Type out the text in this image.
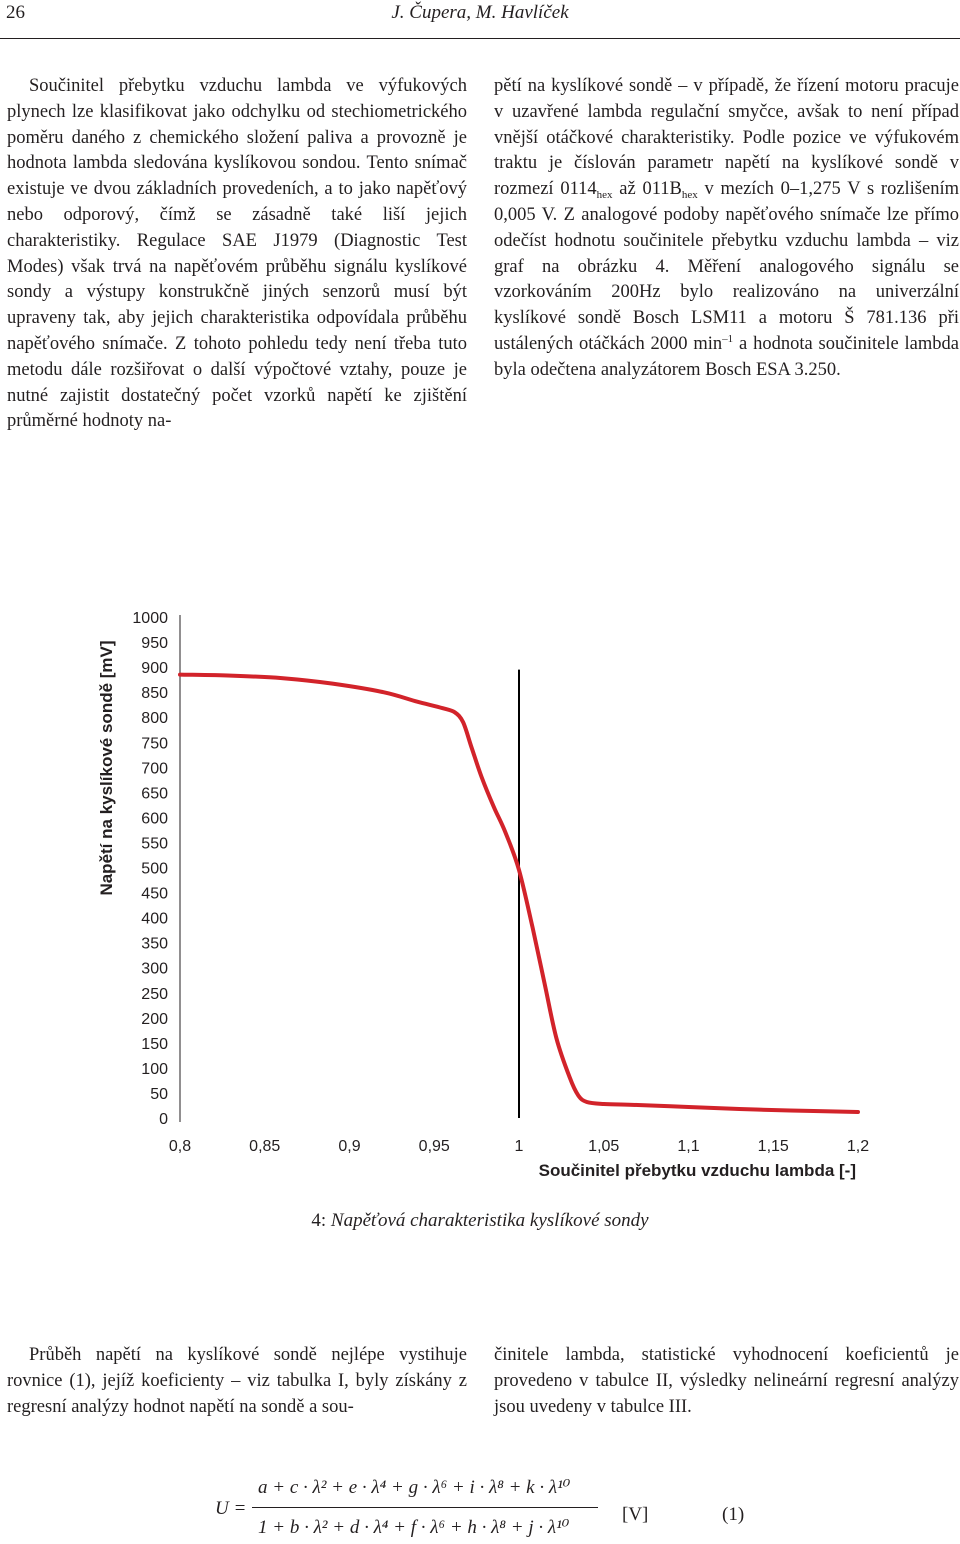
26	J. Čupera, M. Havlíček

Součinitel přebytku vzduchu lambda ve výfukových plynech lze klasifikovat jako odchylku od stechiometrického poměru daného z chemického složení paliva a provozně je hodnota lambda sledována kyslíkovou sondou. Tento snímač existuje ve dvou základních provedeních, a to jako napěťový nebo odporový, čímž se zásadně také liší jejich charakteristiky. Regulace SAE J1979 (Diagnostic Test Modes) však trvá na napěťovém průběhu signálu kyslíkové sondy a výstupy konstrukčně jiných senzorů musí být upraveny tak, aby jejich charakteristika odpovídala průběhu napěťového snímače. Z tohoto pohledu tedy není třeba tuto metodu dále rozšiřovat o další výpočtové vztahy, pouze je nutné zajistit dostatečný počet vzorků napětí ke zjištění průměrné hodnoty na-

pětí na kyslíkové sondě – v případě, že řízení motoru pracuje v uzavřené lambda regulační smyčce, avšak to není případ vnější otáčkové charakteristiky. Podle pozice ve výfukovém traktu je číslován parametr napětí na kyslíkové sondě v rozmezí $0114_{hex}$ až $011B_{hex}$ v mezích 0–1,275 V s rozlišením 0,005 V. Z analogové podoby napěťového snímače lze přímo odečíst hodnotu součinitele přebytku vzduchu lambda – viz graf na obrázku 4. Měření analogového signálu se vzorkováním 200Hz bylo realizováno na univerzální kyslíkové sondě Bosch LSM11 a motoru Š 781.136 při ustálených otáčkách 2000 $\min^{-1} a$ hodnota součinitele lambda byla odečtena analyzátorem Bosch ESA 3.250.

0
50
100
150
200
250
300
350
400
450
500
550
600
650
700
750
800
850
900
950
1000
0,8	0,85	0,9	0,95	1	1,05	1,1	1,15	1,2
Napětí na kyslíkové sondě [mV]
Součinitel přebytku vzduchu lambda [-]
4: Napěťová charakteristika kyslíkové sondy

Průběh napětí na kyslíkové sondě nejlépe vystihuje rovnice (1), jejíž koeficienty – viz tabulka I, byly získány z regresní analýzy hodnot napětí na sondě a sou-

činitele lambda, statistické vyhodnocení koeficientů je provedeno v tabulce II, výsledky nelineární regresní analýzy jsou uvedeny v tabulce III.

U =
a + c · λ² + e · λ⁴ + g · λ⁶ + i · λ⁸ + k · λ¹⁰
1 + b · λ² + d · λ⁴ + f · λ⁶ + h · λ⁸ + j · λ¹⁰
[V]	(1)
